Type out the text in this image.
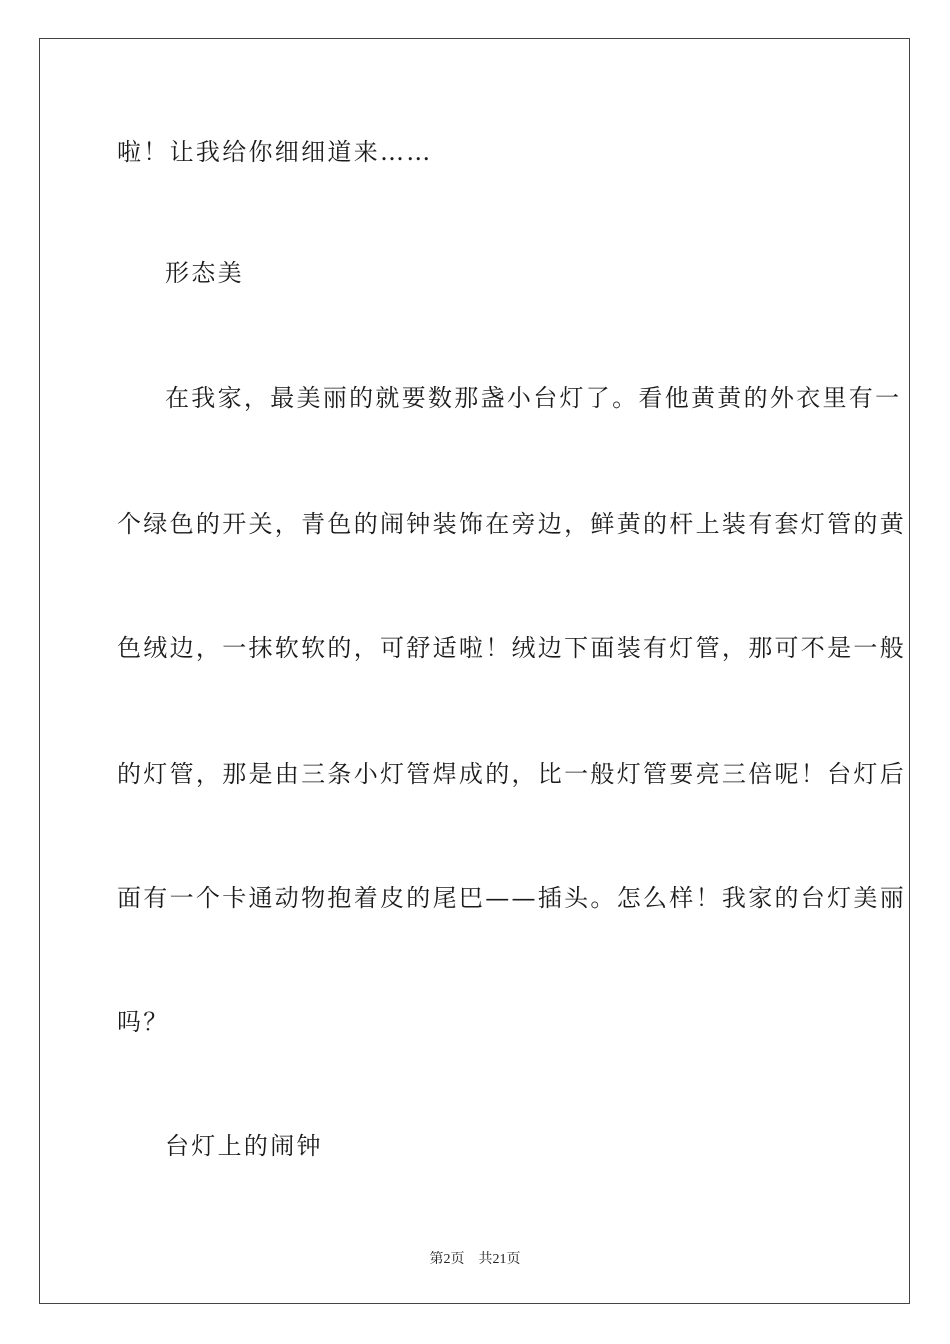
啦！让我给你细细道来……
形态美
在我家，最美丽的就要数那盏小台灯了。看他黄黄的外衣里有一
个绿色的开关，青色的闹钟装饰在旁边，鲜黄的杆上装有套灯管的黄
色绒边，一抹软软的，可舒适啦！绒边下面装有灯管，那可不是一般
的灯管，那是由三条小灯管焊成的，比一般灯管要亮三倍呢！台灯后
面有一个卡通动物抱着皮的尾巴——插头。怎么样！我家的台灯美丽
吗？
台灯上的闹钟
第2页 共21页
